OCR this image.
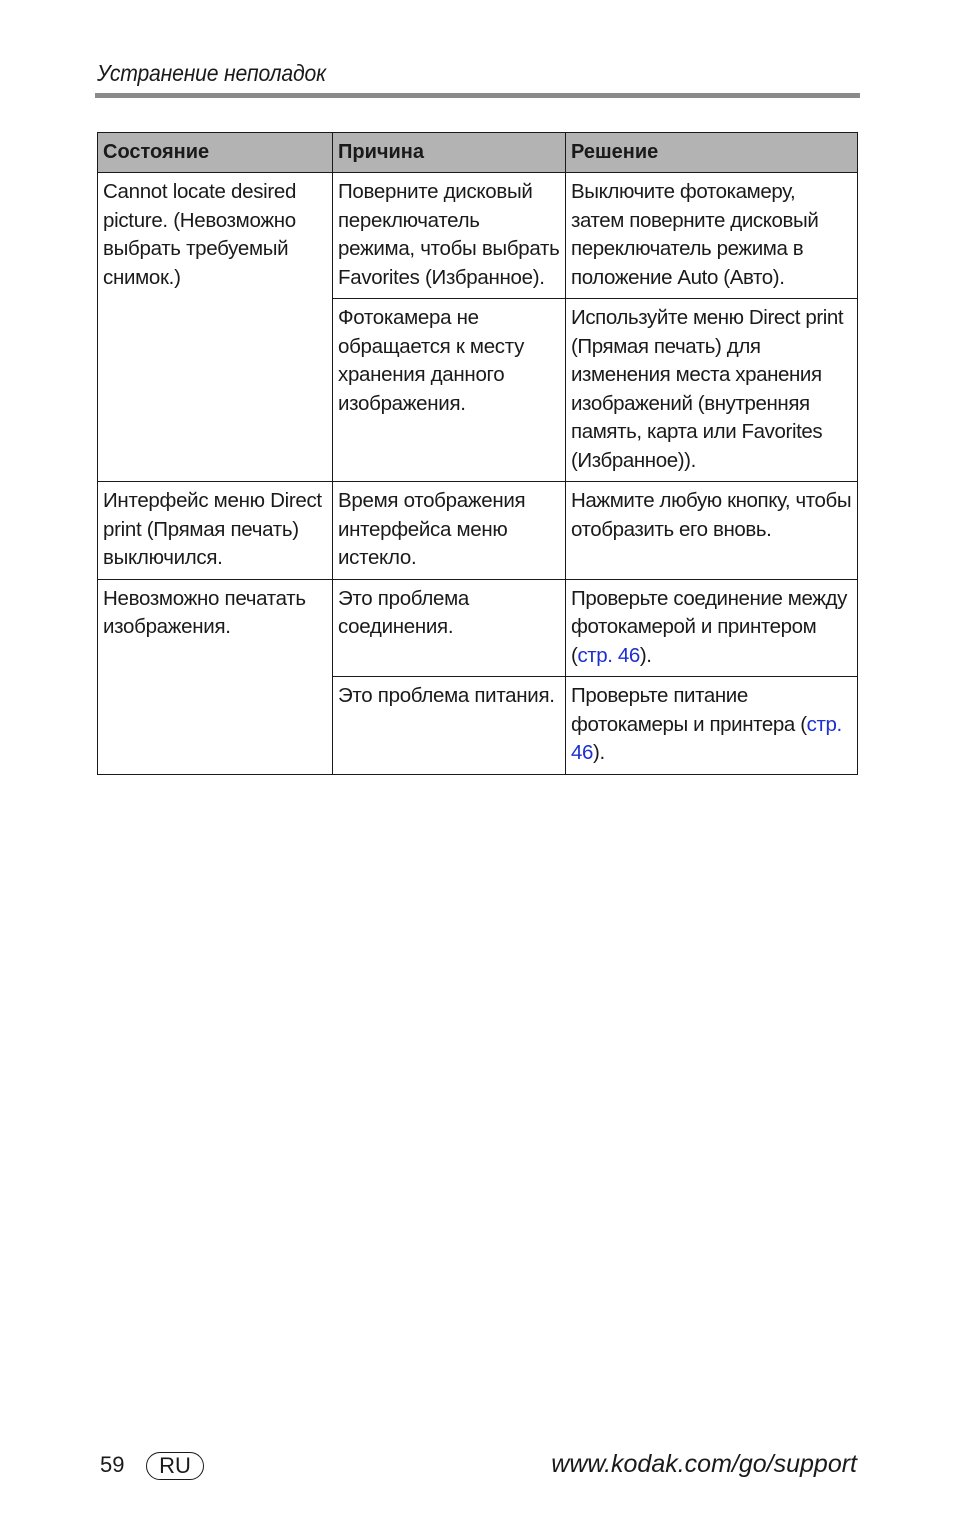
Устранение неполадок
Состояние	Причина	Решение
Cannot locate desired picture. (Невозможно выбрать требуемый снимок.)	Поверните дисковый переключатель режима, чтобы выбрать Favorites (Избранное).	Выключите фотокамеру, затем поверните дисковый переключатель режима в положение Auto (Авто).
	Фотокамера не обращается к месту хранения данного изображения.	Используйте меню Direct print (Прямая печать) для изменения места хранения изображений (внутренняя память, карта или Favorites (Избранное)).
Интерфейс меню Direct print (Прямая печать) выключился.	Время отображения интерфейса меню истекло.	Нажмите любую кнопку, чтобы отобразить его вновь.
Невозможно печатать изображения.	Это проблема соединения.	Проверьте соединение между фотокамерой и принтером (стр. 46).
	Это проблема питания.	Проверьте питание фотокамеры и принтера (стр. 46).
59	RU	www.kodak.com/go/support
